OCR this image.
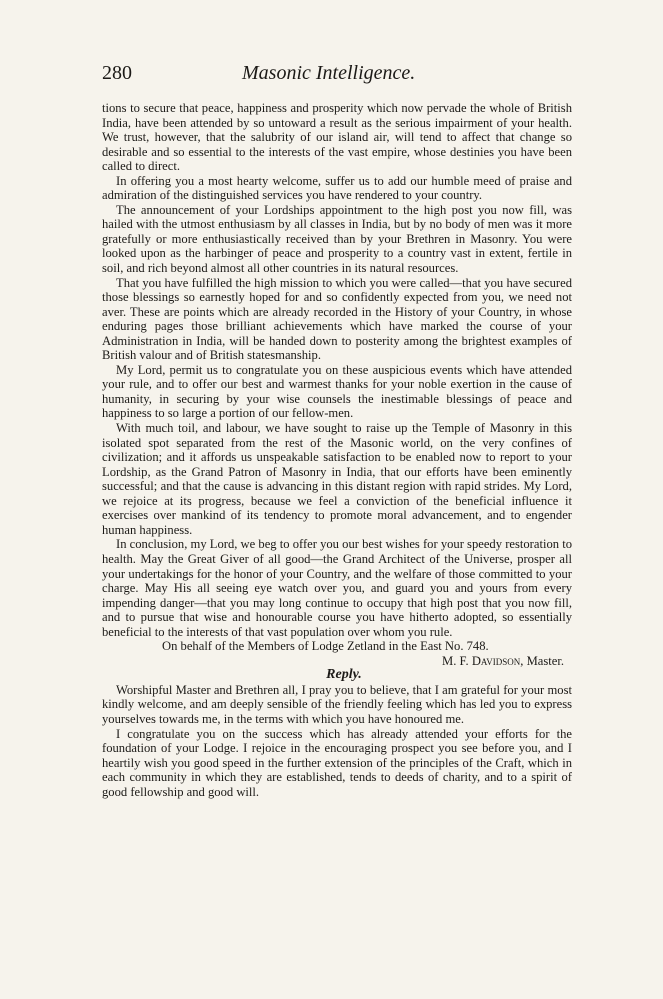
280	Masonic Intelligence.

tions to secure that peace, happiness and prosperity which now pervade the whole of British India, have been attended by so untoward a result as the serious impairment of your health. We trust, however, that the salubrity of our island air, will tend to affect that change so desirable and so essential to the interests of the vast empire, whose destinies you have been called to direct.

In offering you a most hearty welcome, suffer us to add our humble meed of praise and admiration of the distinguished services you have rendered to your country.

The announcement of your Lordships appointment to the high post you now fill, was hailed with the utmost enthusiasm by all classes in India, but by no body of men was it more gratefully or more enthusiastically received than by your Brethren in Masonry. You were looked upon as the harbinger of peace and prosperity to a country vast in extent, fertile in soil, and rich beyond almost all other countries in its natural resources.

That you have fulfilled the high mission to which you were called—that you have secured those blessings so earnestly hoped for and so confidently expected from you, we need not aver. These are points which are already recorded in the History of your Country, in whose enduring pages those brilliant achievements which have marked the course of your Administration in India, will be handed down to posterity among the brightest examples of British valour and of British statesmanship.

My Lord, permit us to congratulate you on these auspicious events which have attended your rule, and to offer our best and warmest thanks for your noble exertion in the cause of humanity, in securing by your wise counsels the inestimable blessings of peace and happiness to so large a portion of our fellow-men.

With much toil, and labour, we have sought to raise up the Temple of Masonry in this isolated spot separated from the rest of the Masonic world, on the very confines of civilization; and it affords us unspeakable satisfaction to be enabled now to report to your Lordship, as the Grand Patron of Masonry in India, that our efforts have been eminently successful; and that the cause is advancing in this distant region with rapid strides. My Lord, we rejoice at its progress, because we feel a conviction of the beneficial influence it exercises over mankind of its tendency to promote moral advancement, and to engender human happiness.

In conclusion, my Lord, we beg to offer you our best wishes for your speedy restoration to health. May the Great Giver of all good—the Grand Architect of the Universe, prosper all your undertakings for the honor of your Country, and the welfare of those committed to your charge. May His all seeing eye watch over you, and guard you and yours from every impending danger—that you may long continue to occupy that high post that you now fill, and to pursue that wise and honourable course you have hitherto adopted, so essentially beneficial to the interests of that vast population over whom you rule.

On behalf of the Members of Lodge Zetland in the East No. 748.

M. F. Davidson, Master.

Reply.

Worshipful Master and Brethren all, I pray you to believe, that I am grateful for your most kindly welcome, and am deeply sensible of the friendly feeling which has led you to express yourselves towards me, in the terms with which you have honoured me.

I congratulate you on the success which has already attended your efforts for the foundation of your Lodge. I rejoice in the encouraging prospect you see before you, and I heartily wish you good speed in the further extension of the principles of the Craft, which in each community in which they are established, tends to deeds of charity, and to a spirit of good fellowship and good will.
